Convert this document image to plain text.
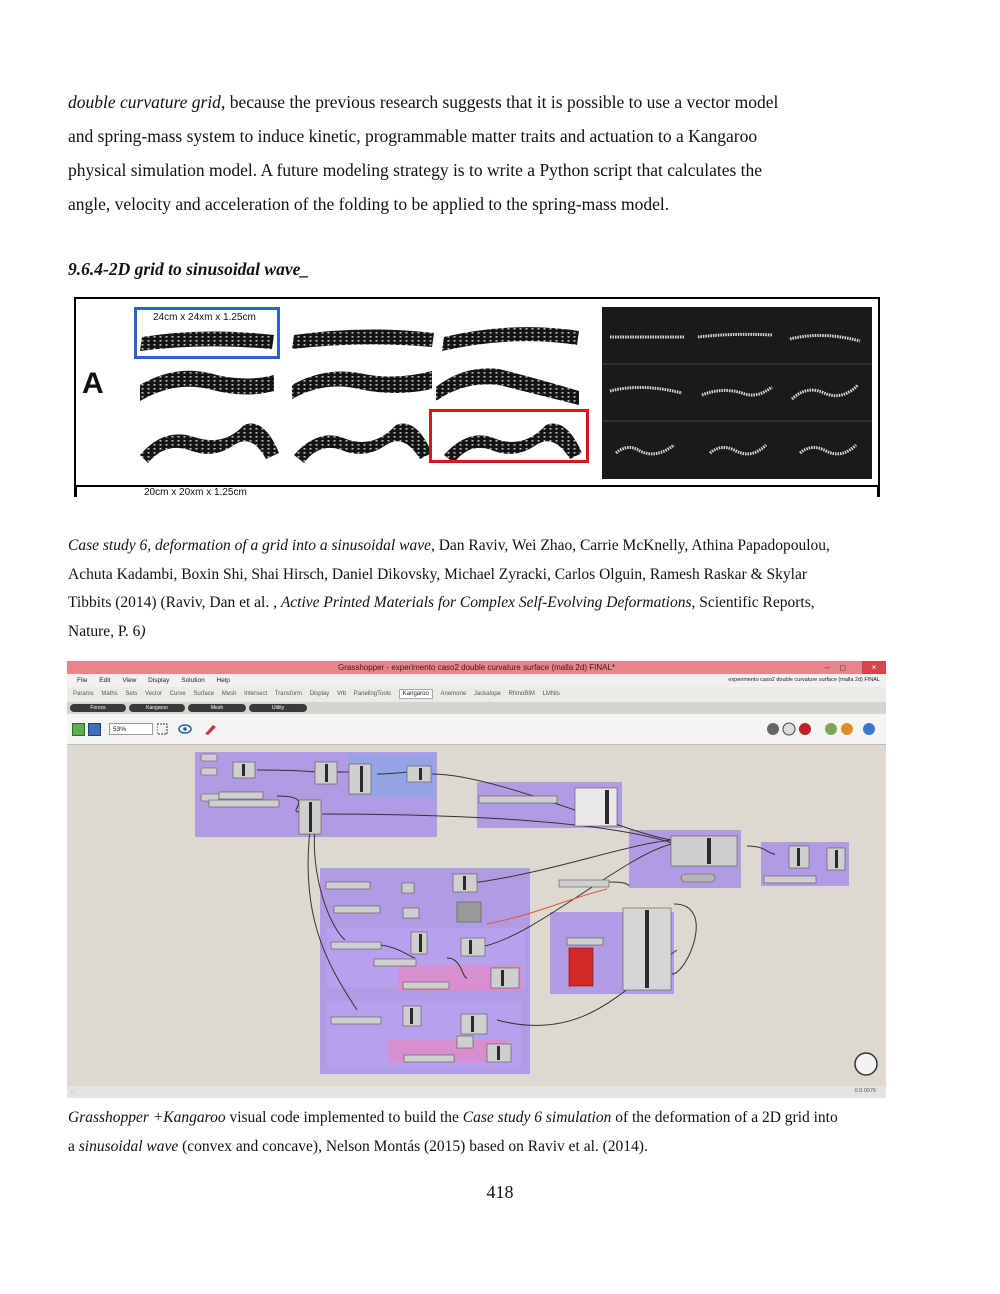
double curvature grid, because the previous research suggests that it is possible to use a vector model

and spring-mass system to induce kinetic, programmable matter traits and actuation to a Kangaroo

physical simulation model. A future modeling strategy is to write a Python script that calculates the

angle, velocity and acceleration of the folding to be applied to the spring-mass model.

9.6.4-2D grid to sinusoidal wave_
A
24cm x 24xm x 1.25cm
20cm x 20xm x 1.25cm
Case study 6, deformation of a grid into a sinusoidal wave, Dan Raviv, Wei Zhao, Carrie McKnelly, Athina Papadopoulou,
Achuta Kadambi, Boxin Shi, Shai Hirsch, Daniel Dikovsky, Michael Zyracki, Carlos Olguin, Ramesh Raskar & Skylar
Tibbits (2014) (Raviv, Dan et al. , Active Printed Materials for Complex Self-Evolving Deformations, Scientific Reports,
Nature, P. 6)
Grasshopper - experimento caso2 double curvature surface (malla 2d) FINAL*	–◻	×
File Edit View Display Solution Help	experimento caso2 double curvature surface (malla 2d) FINAL
Params Maths Sets Vector Curve Surface Mesh Intersect Transform Display Vrb PanelingTools Kangaroo Anemone Jackalope RhinoBIM LMNts
Forces	Kangaroo	Mesh	Utility
53%
..	0.9.0076
Grasshopper +Kangaroo visual code implemented to build the Case study 6 simulation of the deformation of a 2D grid into
a sinusoidal wave (convex and concave), Nelson Montás (2015) based on Raviv et al. (2014).
418
